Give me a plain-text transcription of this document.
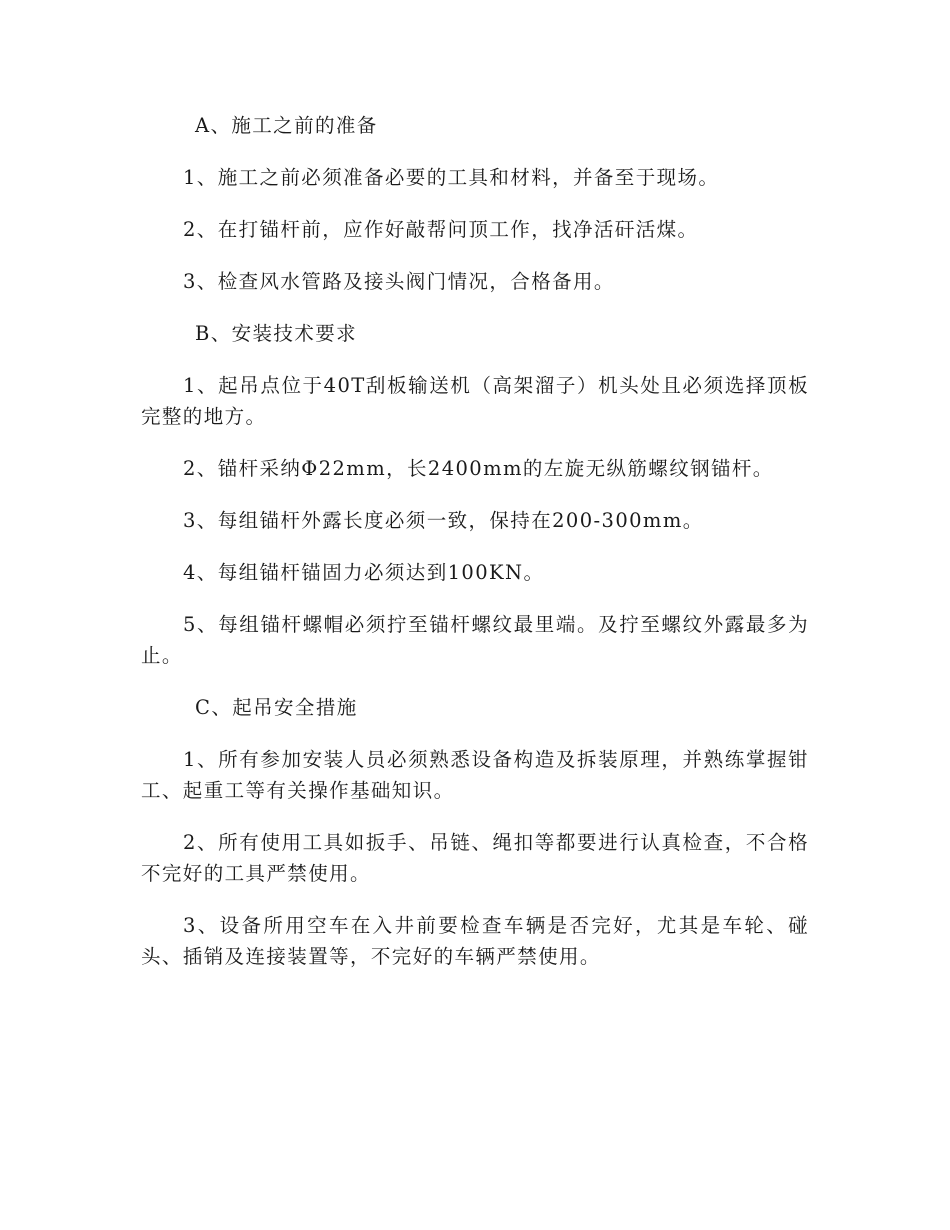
A、施工之前的准备
1、施工之前必须准备必要的工具和材料，并备至于现场。
2、在打锚杆前，应作好敲帮问顶工作，找净活矸活煤。
3、检查风水管路及接头阀门情况，合格备用。
B、安装技术要求
1、起吊点位于40T刮板输送机（高架溜子）机头处且必须选择顶板完整的地方。
2、锚杆采纳Φ22mm，长2400mm的左旋无纵筋螺纹钢锚杆。
3、每组锚杆外露长度必须一致，保持在200-300mm。
4、每组锚杆锚固力必须达到100KN。
5、每组锚杆螺帽必须拧至锚杆螺纹最里端。及拧至螺纹外露最多为止。
C、起吊安全措施
1、所有参加安装人员必须熟悉设备构造及拆装原理，并熟练掌握钳工、起重工等有关操作基础知识。
2、所有使用工具如扳手、吊链、绳扣等都要进行认真检查，不合格不完好的工具严禁使用。
3、设备所用空车在入井前要检查车辆是否完好，尤其是车轮、碰头、插销及连接装置等，不完好的车辆严禁使用。
